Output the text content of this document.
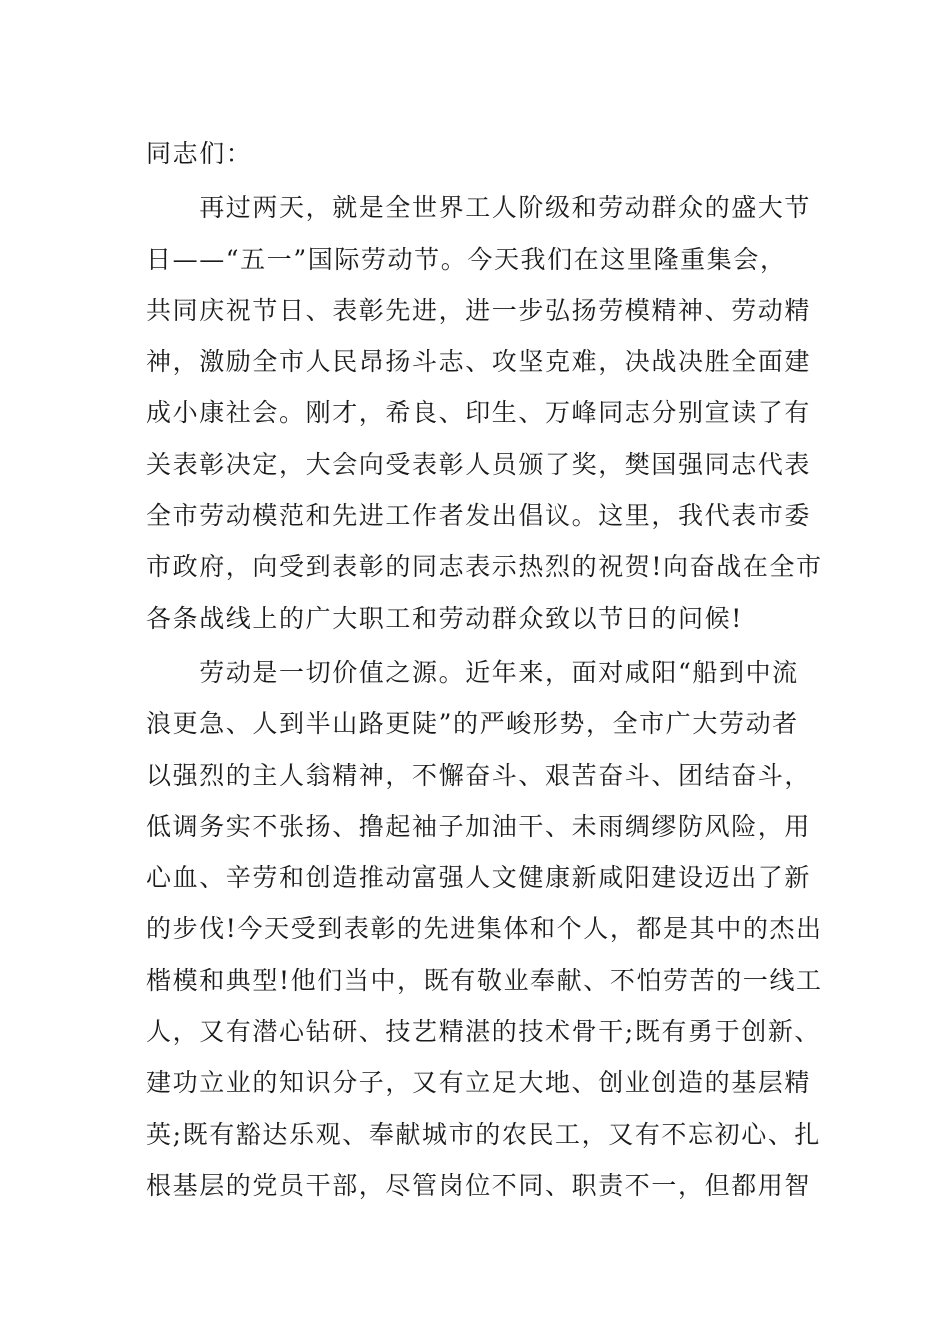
同志们：
　　再过两天，就是全世界工人阶级和劳动群众的盛大节
日——“五一”国际劳动节。今天我们在这里隆重集会，
共同庆祝节日、表彰先进，进一步弘扬劳模精神、劳动精
神，激励全市人民昂扬斗志、攻坚克难，决战决胜全面建
成小康社会。刚才，希良、印生、万峰同志分别宣读了有
关表彰决定，大会向受表彰人员颁了奖，樊国强同志代表
全市劳动模范和先进工作者发出倡议。这里，我代表市委
市政府，向受到表彰的同志表示热烈的祝贺!向奋战在全市
各条战线上的广大职工和劳动群众致以节日的问候!
　　劳动是一切价值之源。近年来，面对咸阳“船到中流
浪更急、人到半山路更陡”的严峻形势，全市广大劳动者
以强烈的主人翁精神，不懈奋斗、艰苦奋斗、团结奋斗，
低调务实不张扬、撸起袖子加油干、未雨绸缪防风险，用
心血、辛劳和创造推动富强人文健康新咸阳建设迈出了新
的步伐!今天受到表彰的先进集体和个人，都是其中的杰出
楷模和典型!他们当中，既有敬业奉献、不怕劳苦的一线工
人，又有潜心钻研、技艺精湛的技术骨干;既有勇于创新、
建功立业的知识分子，又有立足大地、创业创造的基层精
英;既有豁达乐观、奉献城市的农民工，又有不忘初心、扎
根基层的党员干部，尽管岗位不同、职责不一，但都用智
